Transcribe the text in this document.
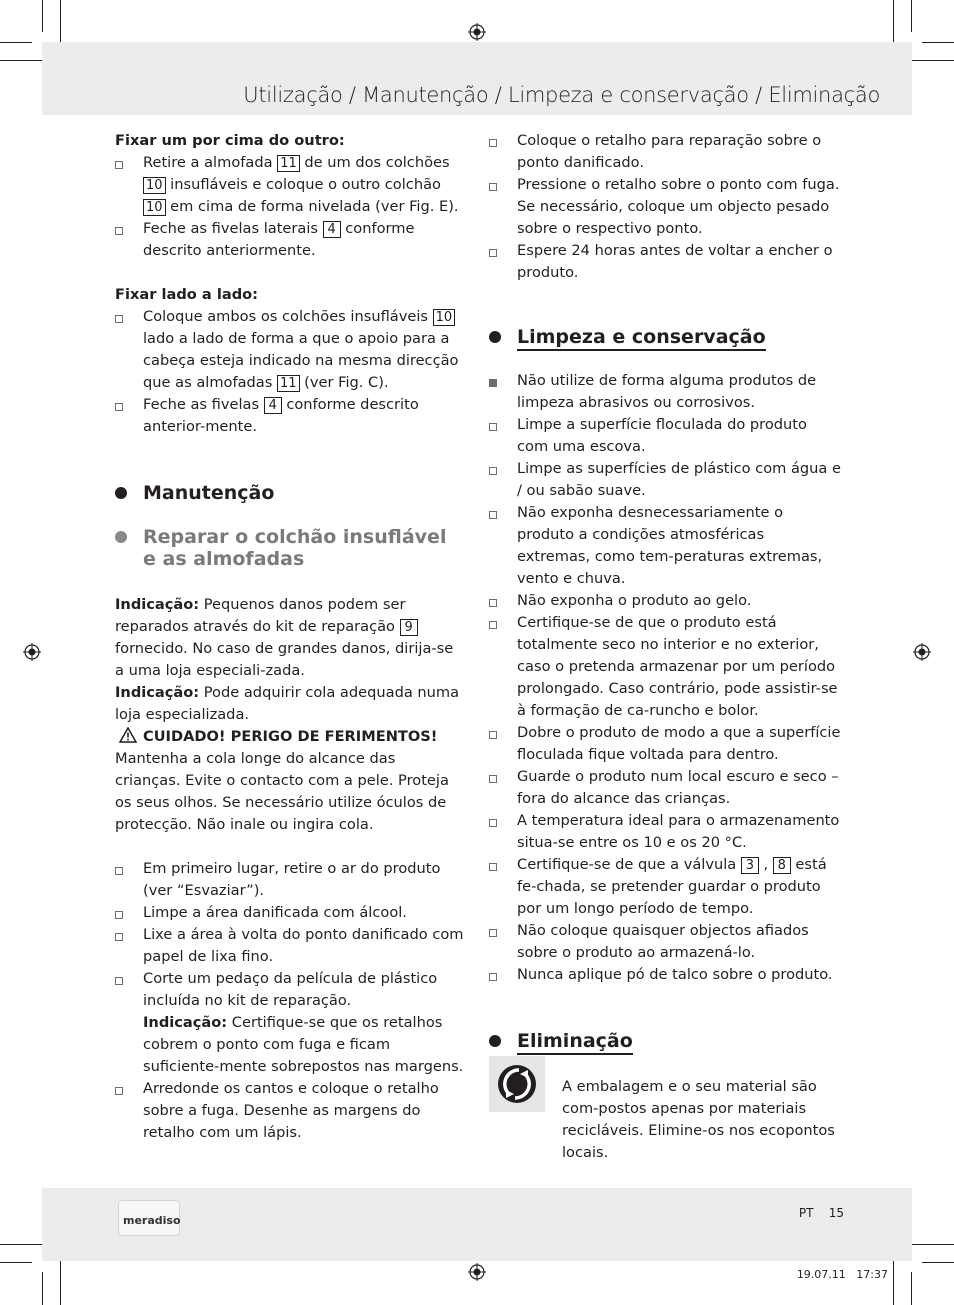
Utilização / Manutenção / Limpeza e conservação / Eliminação

Fixar um por cima do outro:

Retire a almofada 11 de um dos colchões 10 insufláveis e coloque o outro colchão 10 em cima de forma nivelada (ver Fig. E).
Feche as fivelas laterais 4 conforme descrito anteriormente.

Fixar lado a lado:

Coloque ambos os colchões insufláveis 10 lado a lado de forma a que o apoio para a cabeça esteja indicado na mesma direcção que as almofadas 11 (ver Fig. C).
Feche as fivelas 4 conforme descrito anterior-mente.
Manutenção
Reparar o colchão insuflável e as almofadas

Indicação: Pequenos danos podem ser reparados através do kit de reparação 9 fornecido. No caso de grandes danos, dirija-se a uma loja especiali-zada.

Indicação: Pode adquirir cola adequada numa loja especializada.

CUIDADO! PERIGO DE FERIMENTOS!

Mantenha a cola longe do alcance das crianças. Evite o contacto com a pele. Proteja os seus olhos. Se necessário utilize óculos de protecção. Não inale ou ingira cola.

Em primeiro lugar, retire o ar do produto (ver “Esvaziar”).
Limpe a área danificada com álcool.
Lixe a área à volta do ponto danificado com papel de lixa fino.
Corte um pedaço da película de plástico incluída no kit de reparação.
Indicação: Certifique-se que os retalhos cobrem o ponto com fuga e ficam suficiente-mente sobrepostos nas margens.
Arredonde os cantos e coloque o retalho sobre a fuga. Desenhe as margens do retalho com um lápis.
Coloque o retalho para reparação sobre o ponto danificado.
Pressione o retalho sobre o ponto com fuga. Se necessário, coloque um objecto pesado sobre o respectivo ponto.
Espere 24 horas antes de voltar a encher o produto.
Limpeza e conservação
Não utilize de forma alguma produtos de limpeza abrasivos ou corrosivos.
Limpe a superfície floculada do produto com uma escova.
Limpe as superfícies de plástico com água e / ou sabão suave.
Não exponha desnecessariamente o produto a condições atmosféricas extremas, como tem-peraturas extremas, vento e chuva.
Não exponha o produto ao gelo.
Certifique-se de que o produto está totalmente seco no interior e no exterior, caso o pretenda armazenar por um período prolongado. Caso contrário, pode assistir-se à formação de ca-runcho e bolor.
Dobre o produto de modo a que a superfície floculada fique voltada para dentro.
Guarde o produto num local escuro e seco – fora do alcance das crianças.
A temperatura ideal para o armazenamento situa-se entre os 10 e os 20 °C.
Certifique-se de que a válvula 3 , 8 está fe-chada, se pretender guardar o produto por um longo período de tempo.
Não coloque quaisquer objectos afiados sobre o produto ao armazená-lo.
Nunca aplique pó de talco sobre o produto.
Eliminação

A embalagem e o seu material são com-postos apenas por materiais recicláveis. Elimine-os nos ecopontos locais.

meradiso
PT 15
19.07.11 17:37
